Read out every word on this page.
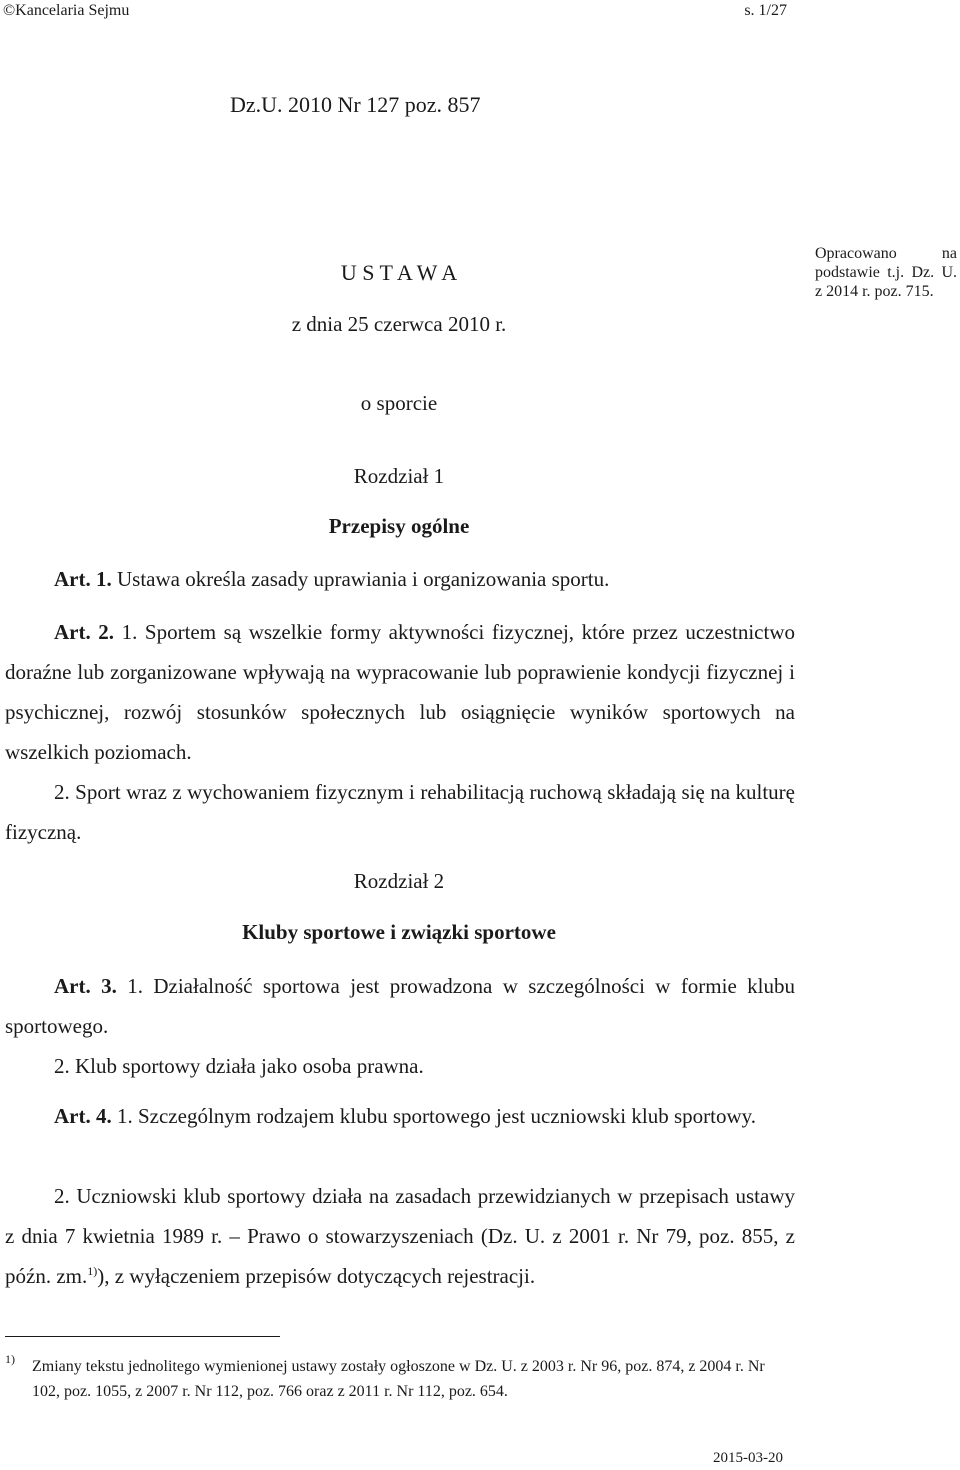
©Kancelaria Sejmu	s. 1/27
Dz.U. 2010 Nr 127 poz. 857
Opracowano na podstawie t.j. Dz. U. z 2014 r. poz. 715.
U S T A W A
z dnia 25 czerwca 2010 r.
o sporcie
Rozdział 1
Przepisy ogólne

Art. 1. Ustawa określa zasady uprawiania i organizowania sportu.

Art. 2. 1. Sportem są wszelkie formy aktywności fizycznej, które przez uczestnictwo doraźne lub zorganizowane wpływają na wypracowanie lub poprawienie kondycji fizycznej i psychicznej, rozwój stosunków społecznych lub osiągnięcie wyników sportowych na wszelkich poziomach.

2. Sport wraz z wychowaniem fizycznym i rehabilitacją ruchową składają się na kulturę fizyczną.

Rozdział 2
Kluby sportowe i związki sportowe

Art. 3. 1. Działalność sportowa jest prowadzona w szczególności w formie klubu sportowego.

2. Klub sportowy działa jako osoba prawna.

Art. 4. 1. Szczególnym rodzajem klubu sportowego jest uczniowski klub sportowy.

2. Uczniowski klub sportowy działa na zasadach przewidzianych w przepisach ustawy z dnia 7 kwietnia 1989 r. – Prawo o stowarzyszeniach (Dz. U. z 2001 r. Nr 79, poz. 855, z późn. zm.$^{1)}$), z wyłączeniem przepisów dotyczących rejestracji.

1) Zmiany tekstu jednolitego wymienionej ustawy zostały ogłoszone w Dz. U. z 2003 r. Nr 96, poz. 874, z 2004 r. Nr 102, poz. 1055, z 2007 r. Nr 112, poz. 766 oraz z 2011 r. Nr 112, poz. 654.

2015-03-20
